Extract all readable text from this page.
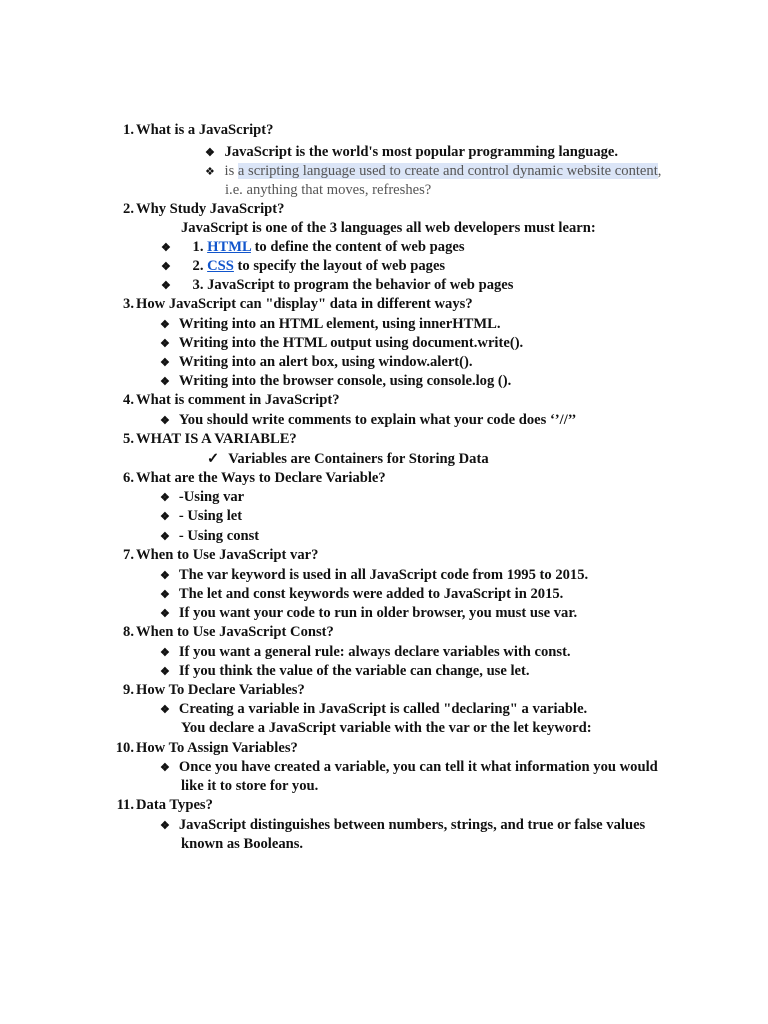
1. What is a JavaScript?
❖ JavaScript is the world's most popular programming language.
❖ is a scripting language used to create and control dynamic website content,
i.e. anything that moves, refreshes?
2. Why Study JavaScript?
JavaScript is one of the 3 languages all web developers must learn:
❖ 1. HTML to define the content of web pages
❖ 2. CSS to specify the layout of web pages
❖ 3. JavaScript to program the behavior of web pages
3. How JavaScript can "display" data in different ways?
❖ Writing into an HTML element, using innerHTML.
❖ Writing into the HTML output using document.write().
❖ Writing into an alert box, using window.alert().
❖ Writing into the browser console, using console.log ().
4. What is comment in JavaScript?
❖ You should write comments to explain what your code does ‘’//’’
5. WHAT IS A VARIABLE?
✓ Variables are Containers for Storing Data
6. What are the Ways to Declare Variable?
❖ -Using var
❖ - Using let
❖ - Using const
7. When to Use JavaScript var?
❖ The var keyword is used in all JavaScript code from 1995 to 2015.
❖ The let and const keywords were added to JavaScript in 2015.
❖ If you want your code to run in older browser, you must use var.
8. When to Use JavaScript Const?
❖ If you want a general rule: always declare variables with const.
❖ If you think the value of the variable can change, use let.
9. How To Declare Variables?
❖ Creating a variable in JavaScript is called "declaring" a variable.
You declare a JavaScript variable with the var or the let keyword:
10. How To Assign Variables?
❖ Once you have created a variable, you can tell it what information you would
like it to store for you.
11. Data Types?
❖ JavaScript distinguishes between numbers, strings, and true or false values
known as Booleans.
